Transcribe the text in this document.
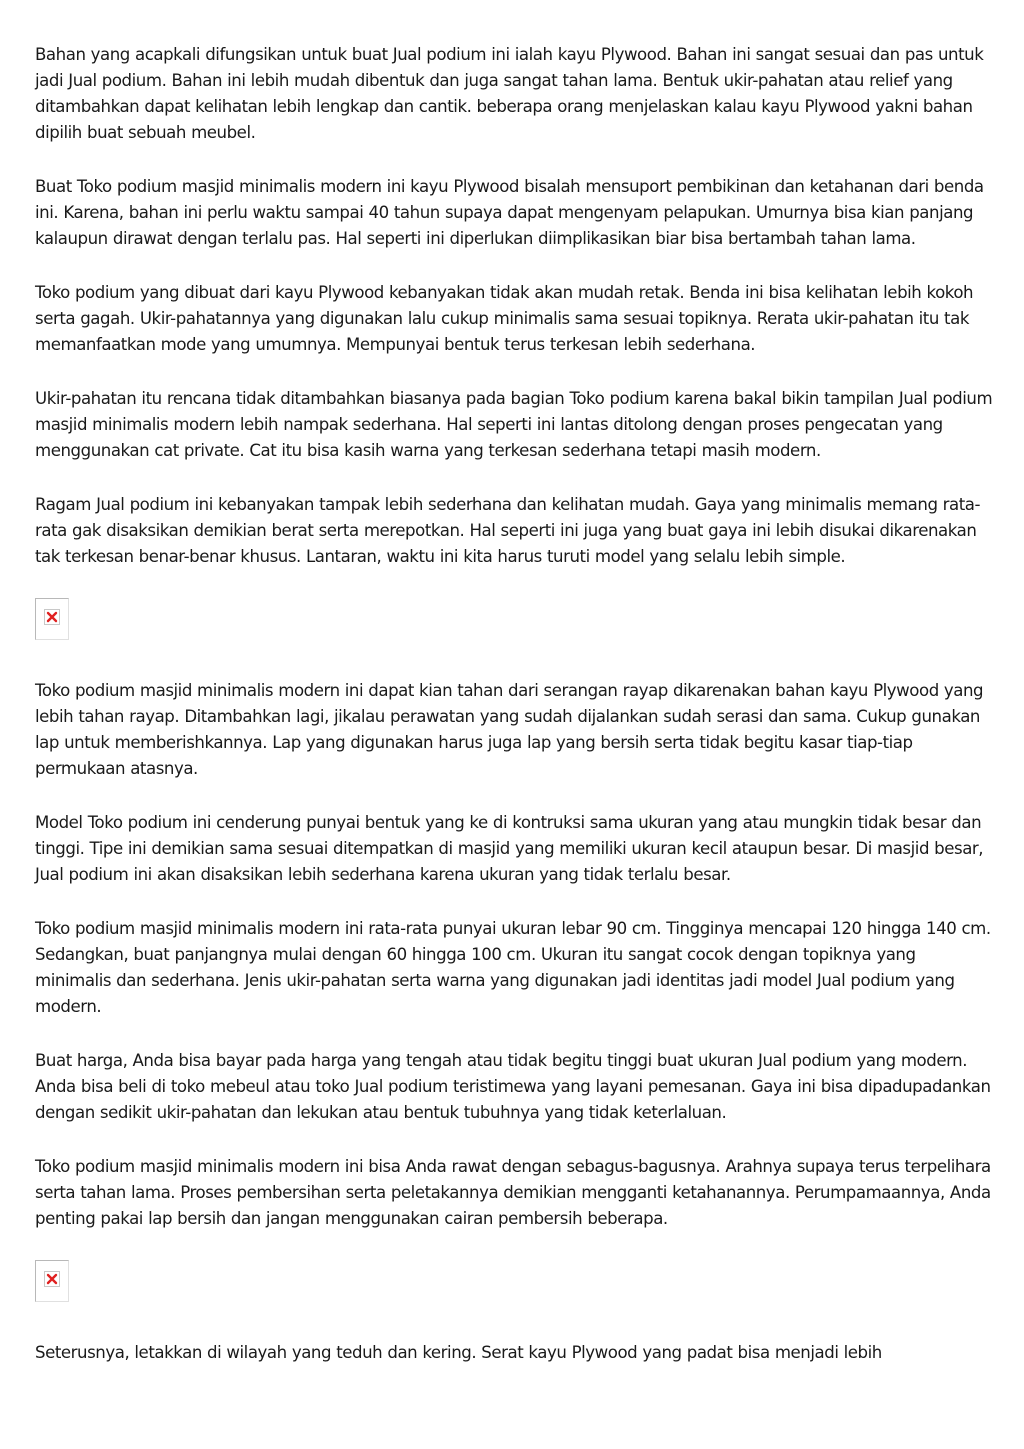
Bahan yang acapkali difungsikan untuk buat Jual podium ini ialah kayu Plywood. Bahan ini sangat sesuai dan pas untuk jadi Jual podium. Bahan ini lebih mudah dibentuk dan juga sangat tahan lama. Bentuk ukir-pahatan atau relief yang ditambahkan dapat kelihatan lebih lengkap dan cantik. beberapa orang menjelaskan kalau kayu Plywood yakni bahan dipilih buat sebuah meubel.

Buat Toko podium masjid minimalis modern ini kayu Plywood bisalah mensuport pembikinan dan ketahanan dari benda ini. Karena, bahan ini perlu waktu sampai 40 tahun supaya dapat mengenyam pelapukan. Umurnya bisa kian panjang kalaupun dirawat dengan terlalu pas. Hal seperti ini diperlukan diimplikasikan biar bisa bertambah tahan lama.

Toko podium yang dibuat dari kayu Plywood kebanyakan tidak akan mudah retak. Benda ini bisa kelihatan lebih kokoh serta gagah. Ukir-pahatannya yang digunakan lalu cukup minimalis sama sesuai topiknya. Rerata ukir-pahatan itu tak memanfaatkan mode yang umumnya. Mempunyai bentuk terus terkesan lebih sederhana.

Ukir-pahatan itu rencana tidak ditambahkan biasanya pada bagian Toko podium karena bakal bikin tampilan Jual podium masjid minimalis modern lebih nampak sederhana. Hal seperti ini lantas ditolong dengan proses pengecatan yang menggunakan cat private. Cat itu bisa kasih warna yang terkesan sederhana tetapi masih modern.

Ragam Jual podium ini kebanyakan tampak lebih sederhana dan kelihatan mudah. Gaya yang minimalis memang rata-rata gak disaksikan demikian berat serta merepotkan. Hal seperti ini juga yang buat gaya ini lebih disukai dikarenakan tak terkesan benar-benar khusus. Lantaran, waktu ini kita harus turuti model yang selalu lebih simple.

Toko podium masjid minimalis modern ini dapat kian tahan dari serangan rayap dikarenakan bahan kayu Plywood yang lebih tahan rayap. Ditambahkan lagi, jikalau perawatan yang sudah dijalankan sudah serasi dan sama. Cukup gunakan lap untuk memberishkannya. Lap yang digunakan harus juga lap yang bersih serta tidak begitu kasar tiap-tiap permukaan atasnya.

Model Toko podium ini cenderung punyai bentuk yang ke di kontruksi sama ukuran yang atau mungkin tidak besar dan tinggi. Tipe ini demikian sama sesuai ditempatkan di masjid yang memiliki ukuran kecil ataupun besar. Di masjid besar, Jual podium ini akan disaksikan lebih sederhana karena ukuran yang tidak terlalu besar.

Toko podium masjid minimalis modern ini rata-rata punyai ukuran lebar 90 cm. Tingginya mencapai 120 hingga 140 cm. Sedangkan, buat panjangnya mulai dengan 60 hingga 100 cm. Ukuran itu sangat cocok dengan topiknya yang minimalis dan sederhana. Jenis ukir-pahatan serta warna yang digunakan jadi identitas jadi model Jual podium yang modern.

Buat harga, Anda bisa bayar pada harga yang tengah atau tidak begitu tinggi buat ukuran Jual podium yang modern. Anda bisa beli di toko mebeul atau toko Jual podium teristimewa yang layani pemesanan. Gaya ini bisa dipadupadankan dengan sedikit ukir-pahatan dan lekukan atau bentuk tubuhnya yang tidak keterlaluan.

Toko podium masjid minimalis modern ini bisa Anda rawat dengan sebagus-bagusnya. Arahnya supaya terus terpelihara serta tahan lama. Proses pembersihan serta peletakannya demikian mengganti ketahanannya. Perumpamaannya, Anda penting pakai lap bersih dan jangan menggunakan cairan pembersih beberapa.

Seterusnya, letakkan di wilayah yang teduh dan kering. Serat kayu Plywood yang padat bisa menjadi lebih
